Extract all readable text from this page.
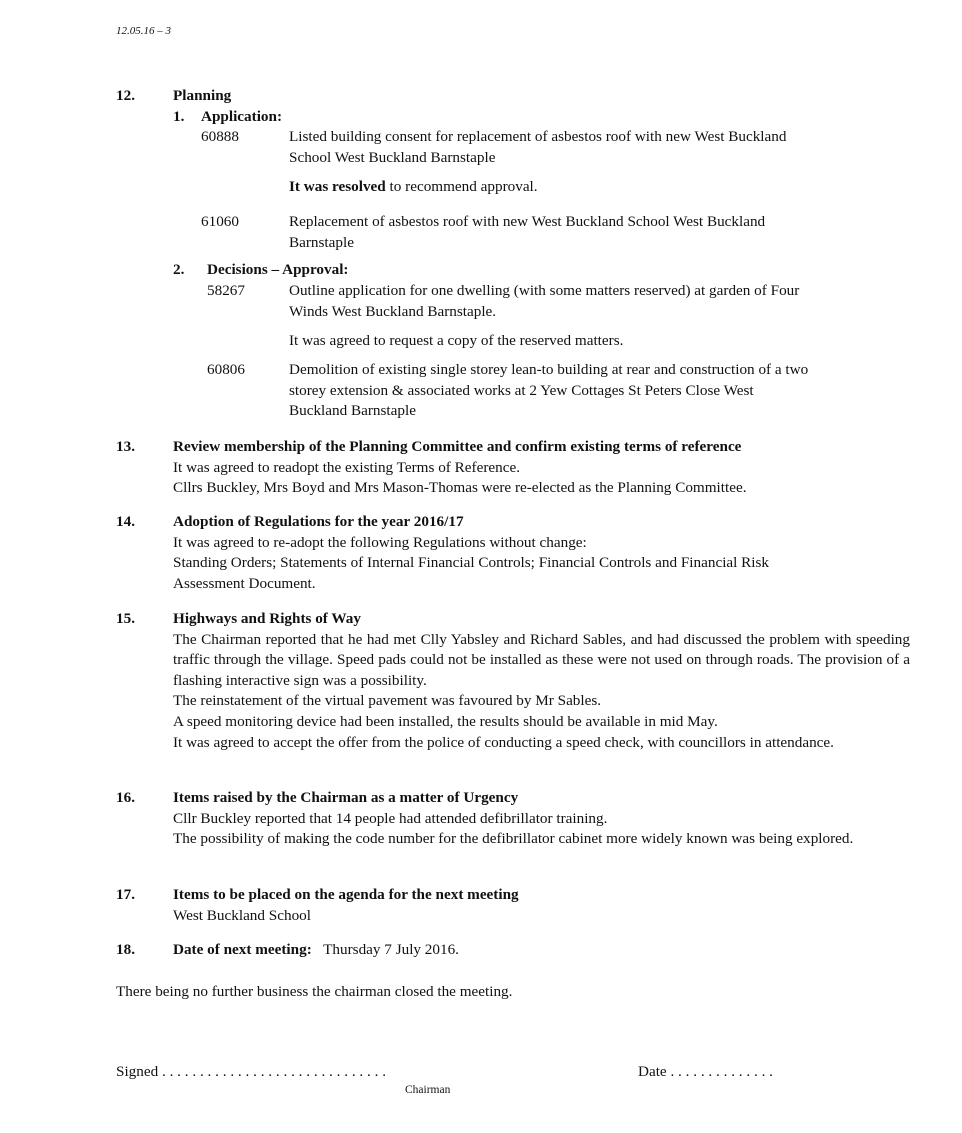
12.05.16 – 3
12.	Planning
1. Application:
60888	Listed building consent for replacement of asbestos roof with new West Buckland
School West Buckland Barnstaple
It was resolved to recommend approval.
61060	Replacement of asbestos roof with new West Buckland School West Buckland
Barnstaple
2. Decisions – Approval:
58267	Outline application for one dwelling (with some matters reserved) at garden of Four
Winds West Buckland Barnstaple.
It was agreed to request a copy of the reserved matters.
60806	Demolition of existing single storey lean-to building at rear and construction of a two
storey extension & associated works at 2 Yew Cottages St Peters Close West
Buckland Barnstaple
13.	Review membership of the Planning Committee and confirm existing terms of reference
It was agreed to readopt the existing Terms of Reference.
Cllrs Buckley, Mrs Boyd and Mrs Mason-Thomas were re-elected as the Planning Committee.
14.	Adoption of Regulations for the year 2016/17
It was agreed to re-adopt the following Regulations without change:
Standing Orders; Statements of Internal Financial Controls; Financial Controls and Financial Risk
Assessment Document.
15.	Highways and Rights of Way
The Chairman reported that he had met Clly Yabsley and Richard Sables, and had discussed the problem with speeding traffic through the village. Speed pads could not be installed as these were not used on through roads. The provision of a flashing interactive sign was a possibility.
The reinstatement of the virtual pavement was favoured by Mr Sables.
A speed monitoring device had been installed, the results should be available in mid May.
It was agreed to accept the offer from the police of conducting a speed check, with councillors in attendance.
16.	Items raised by the Chairman as a matter of Urgency
Cllr Buckley reported that 14 people had attended defibrillator training.
The possibility of making the code number for the defibrillator cabinet more widely known was being explored.
17.	Items to be placed on the agenda for the next meeting
West Buckland School
18.	Date of next meeting: Thursday 7 July 2016.
There being no further business the chairman closed the meeting.
Signed . . . . . . . . . . . . . . . . . . . . . . . . . . . . . .
Chairman
Date . . . . . . . . . . . . . .
